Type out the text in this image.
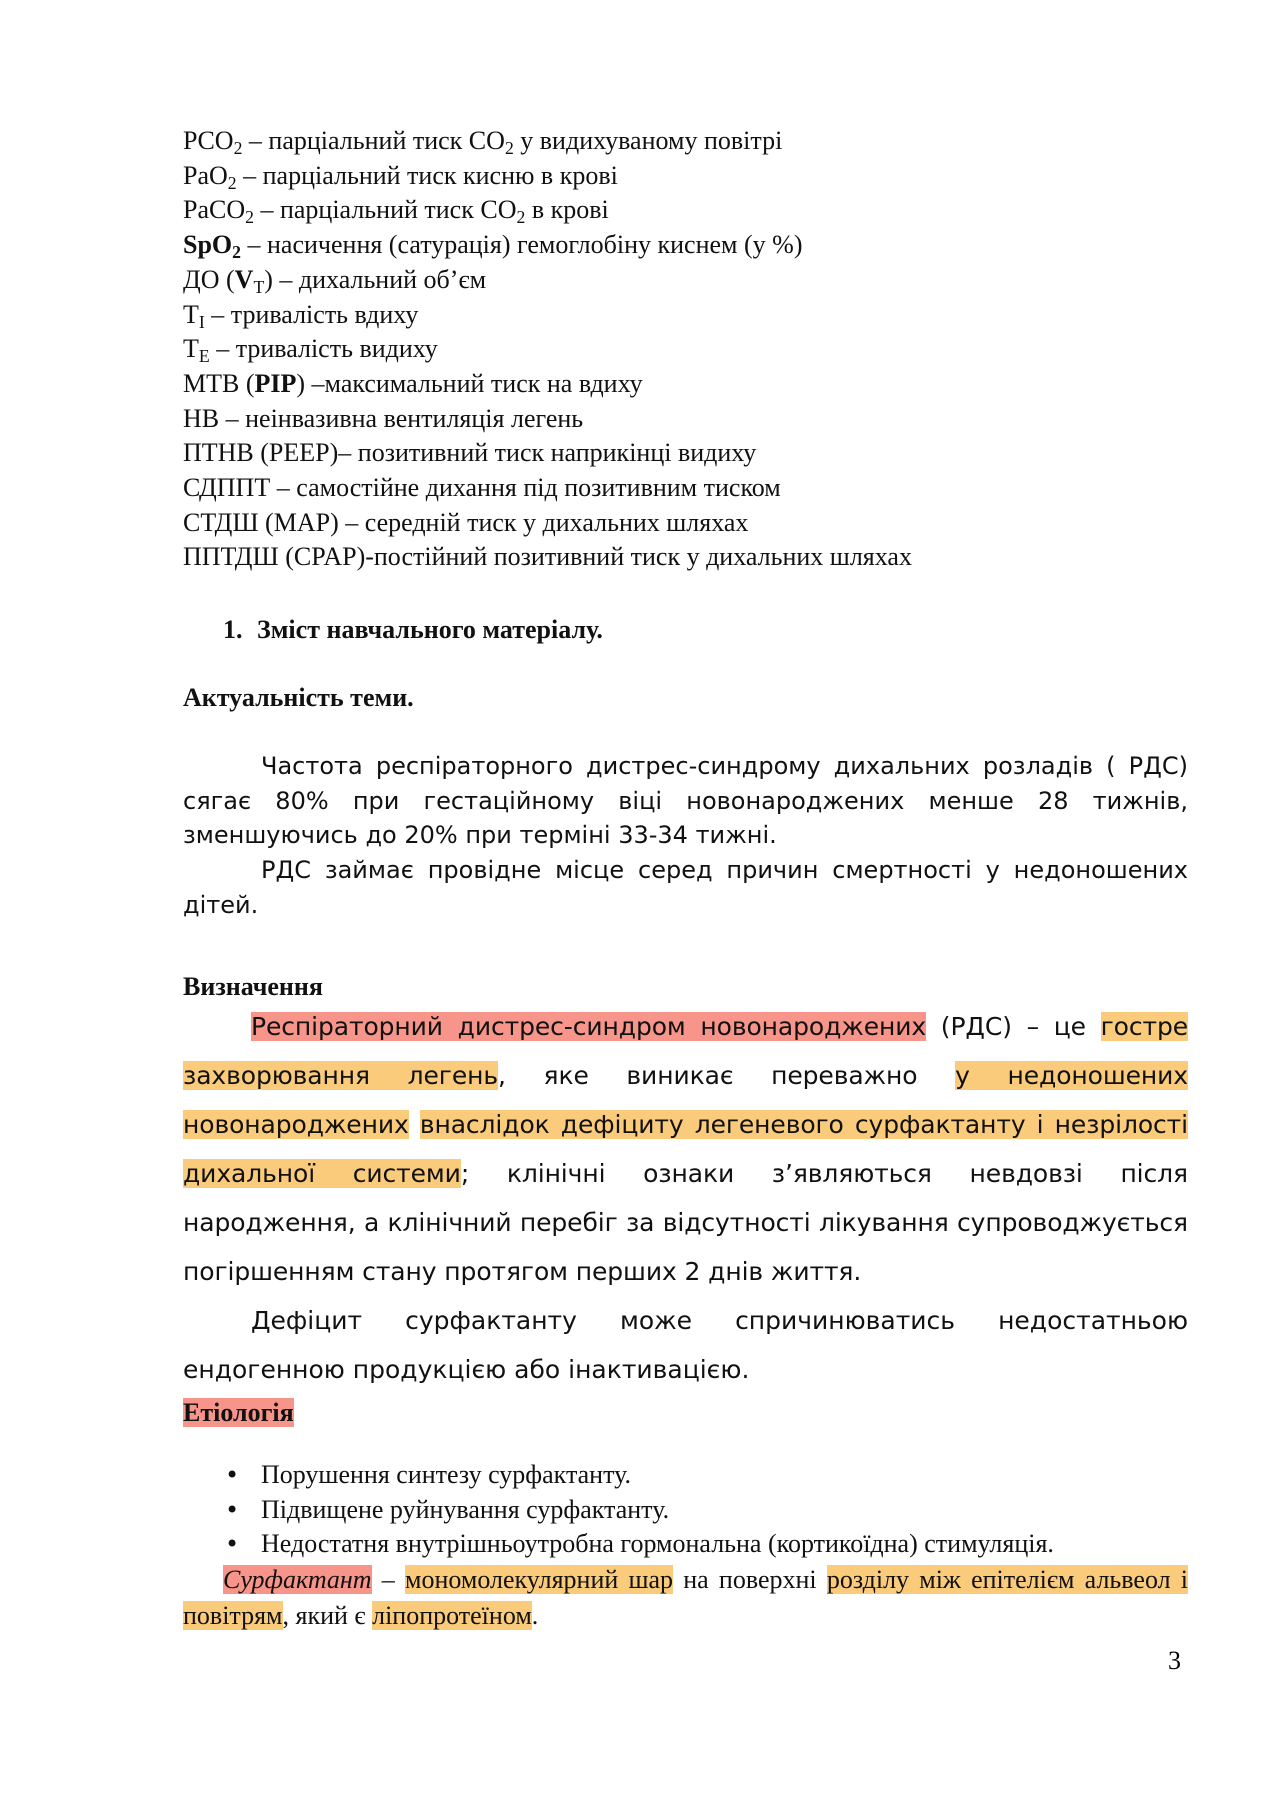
$PCO_2$ – парціальний тиск $CO_2$ у видихуваному повітрі

PaO$_2$ – парціальний тиск кисню в крові

PaCO$_2$ – парціальний тиск $CO_2$ в крові

SpO$_2$ – насичення (сатурація) гемоглобіну киснем (у %)

ДО $(V_T)$ – дихальний об’єм

$T_I$ – тривалість вдиху

$T_E$ – тривалість видиху

МТВ (PIP) –максимальний тиск на вдиху

НВ – неінвазивна вентиляція легень

ПТНВ (PEEP)– позитивний тиск наприкінці видиху

СДППТ – самостійне дихання під позитивним тиском

СТДШ (MAP) – середній тиск у дихальних шляхах

ППТДШ (CPAP)-постійний позитивний тиск у дихальних шляхах

1. Зміст навчального матеріалу.

Актуальність теми.

Частота респіраторного дистрес-синдрому дихальних розладів ( РДС) сягає 80% при гестаційному віці новонароджених менше 28 тижнів, зменшуючись до 20% при терміні 33-34 тижні.

РДС займає провідне місце серед причин смертності у недоношених дітей.

Визначення

Респіраторний дистрес-синдром новонароджених (РДС) – це гостре захворювання легень, яке виникає переважно у недоношених новонароджених внаслідок дефіциту легеневого сурфактанту і незрілості дихальної системи; клінічні ознаки з’являються невдовзі після народження, а клінічний перебіг за відсутності лікування супроводжується погіршенням стану протягом перших 2 днів життя.

Дефіцит сурфактанту може спричинюватись недостатньою ендогенною продукцією або інактивацією.

Етіологія

• Порушення синтезу сурфактанту.
• Підвищене руйнування сурфактанту.
• Недостатня внутрішньоутробна гормональна (кортикоїдна) стимуляція.

Сурфактант – мономолекулярний шар на поверхні розділу між епітелієм альвеол і повітрям, який є ліпопротеїном.

3
